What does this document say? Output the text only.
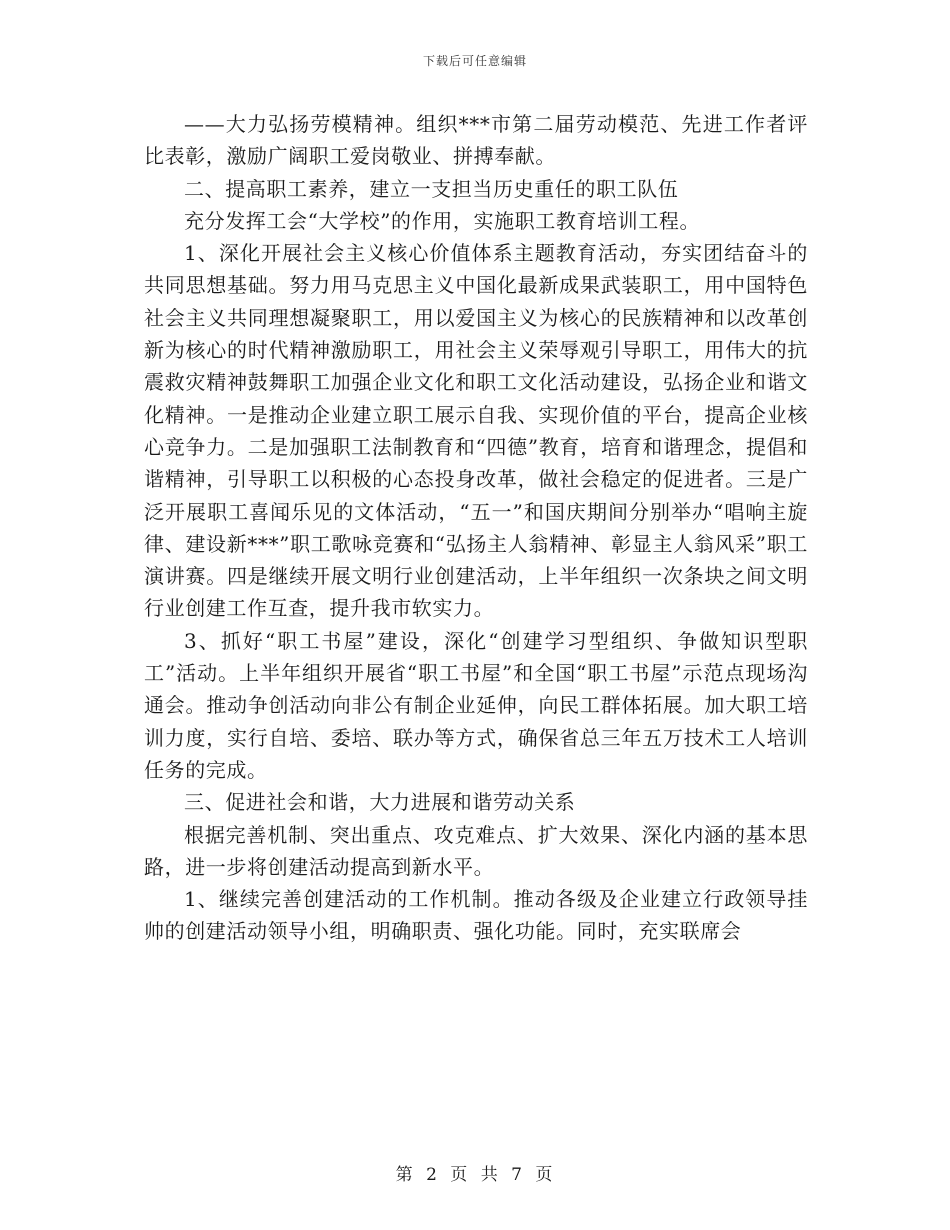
下载后可任意编辑

——大力弘扬劳模精神。组织***市第二届劳动模范、先进工作者评比表彰，激励广阔职工爱岗敬业、拼搏奉献。

二、提高职工素养，建立一支担当历史重任的职工队伍

充分发挥工会“大学校”的作用，实施职工教育培训工程。

1、深化开展社会主义核心价值体系主题教育活动，夯实团结奋斗的共同思想基础。努力用马克思主义中国化最新成果武装职工，用中国特色社会主义共同理想凝聚职工，用以爱国主义为核心的民族精神和以改革创新为核心的时代精神激励职工，用社会主义荣辱观引导职工，用伟大的抗震救灾精神鼓舞职工加强企业文化和职工文化活动建设，弘扬企业和谐文化精神。一是推动企业建立职工展示自我、实现价值的平台，提高企业核心竞争力。二是加强职工法制教育和“四德”教育，培育和谐理念，提倡和谐精神，引导职工以积极的心态投身改革，做社会稳定的促进者。三是广泛开展职工喜闻乐见的文体活动，“五一”和国庆期间分别举办“唱响主旋律、建设新***”职工歌咏竞赛和“弘扬主人翁精神、彰显主人翁风采”职工演讲赛。四是继续开展文明行业创建活动，上半年组织一次条块之间文明行业创建工作互查，提升我市软实力。

3、抓好“职工书屋”建设，深化“创建学习型组织、争做知识型职工”活动。上半年组织开展省“职工书屋”和全国“职工书屋”示范点现场沟通会。推动争创活动向非公有制企业延伸，向民工群体拓展。加大职工培训力度，实行自培、委培、联办等方式，确保省总三年五万技术工人培训任务的完成。

三、促进社会和谐，大力进展和谐劳动关系

根据完善机制、突出重点、攻克难点、扩大效果、深化内涵的基本思路，进一步将创建活动提高到新水平。

1、继续完善创建活动的工作机制。推动各级及企业建立行政领导挂帅的创建活动领导小组，明确职责、强化功能。同时，充实联席会

第 2 页 共 7 页
